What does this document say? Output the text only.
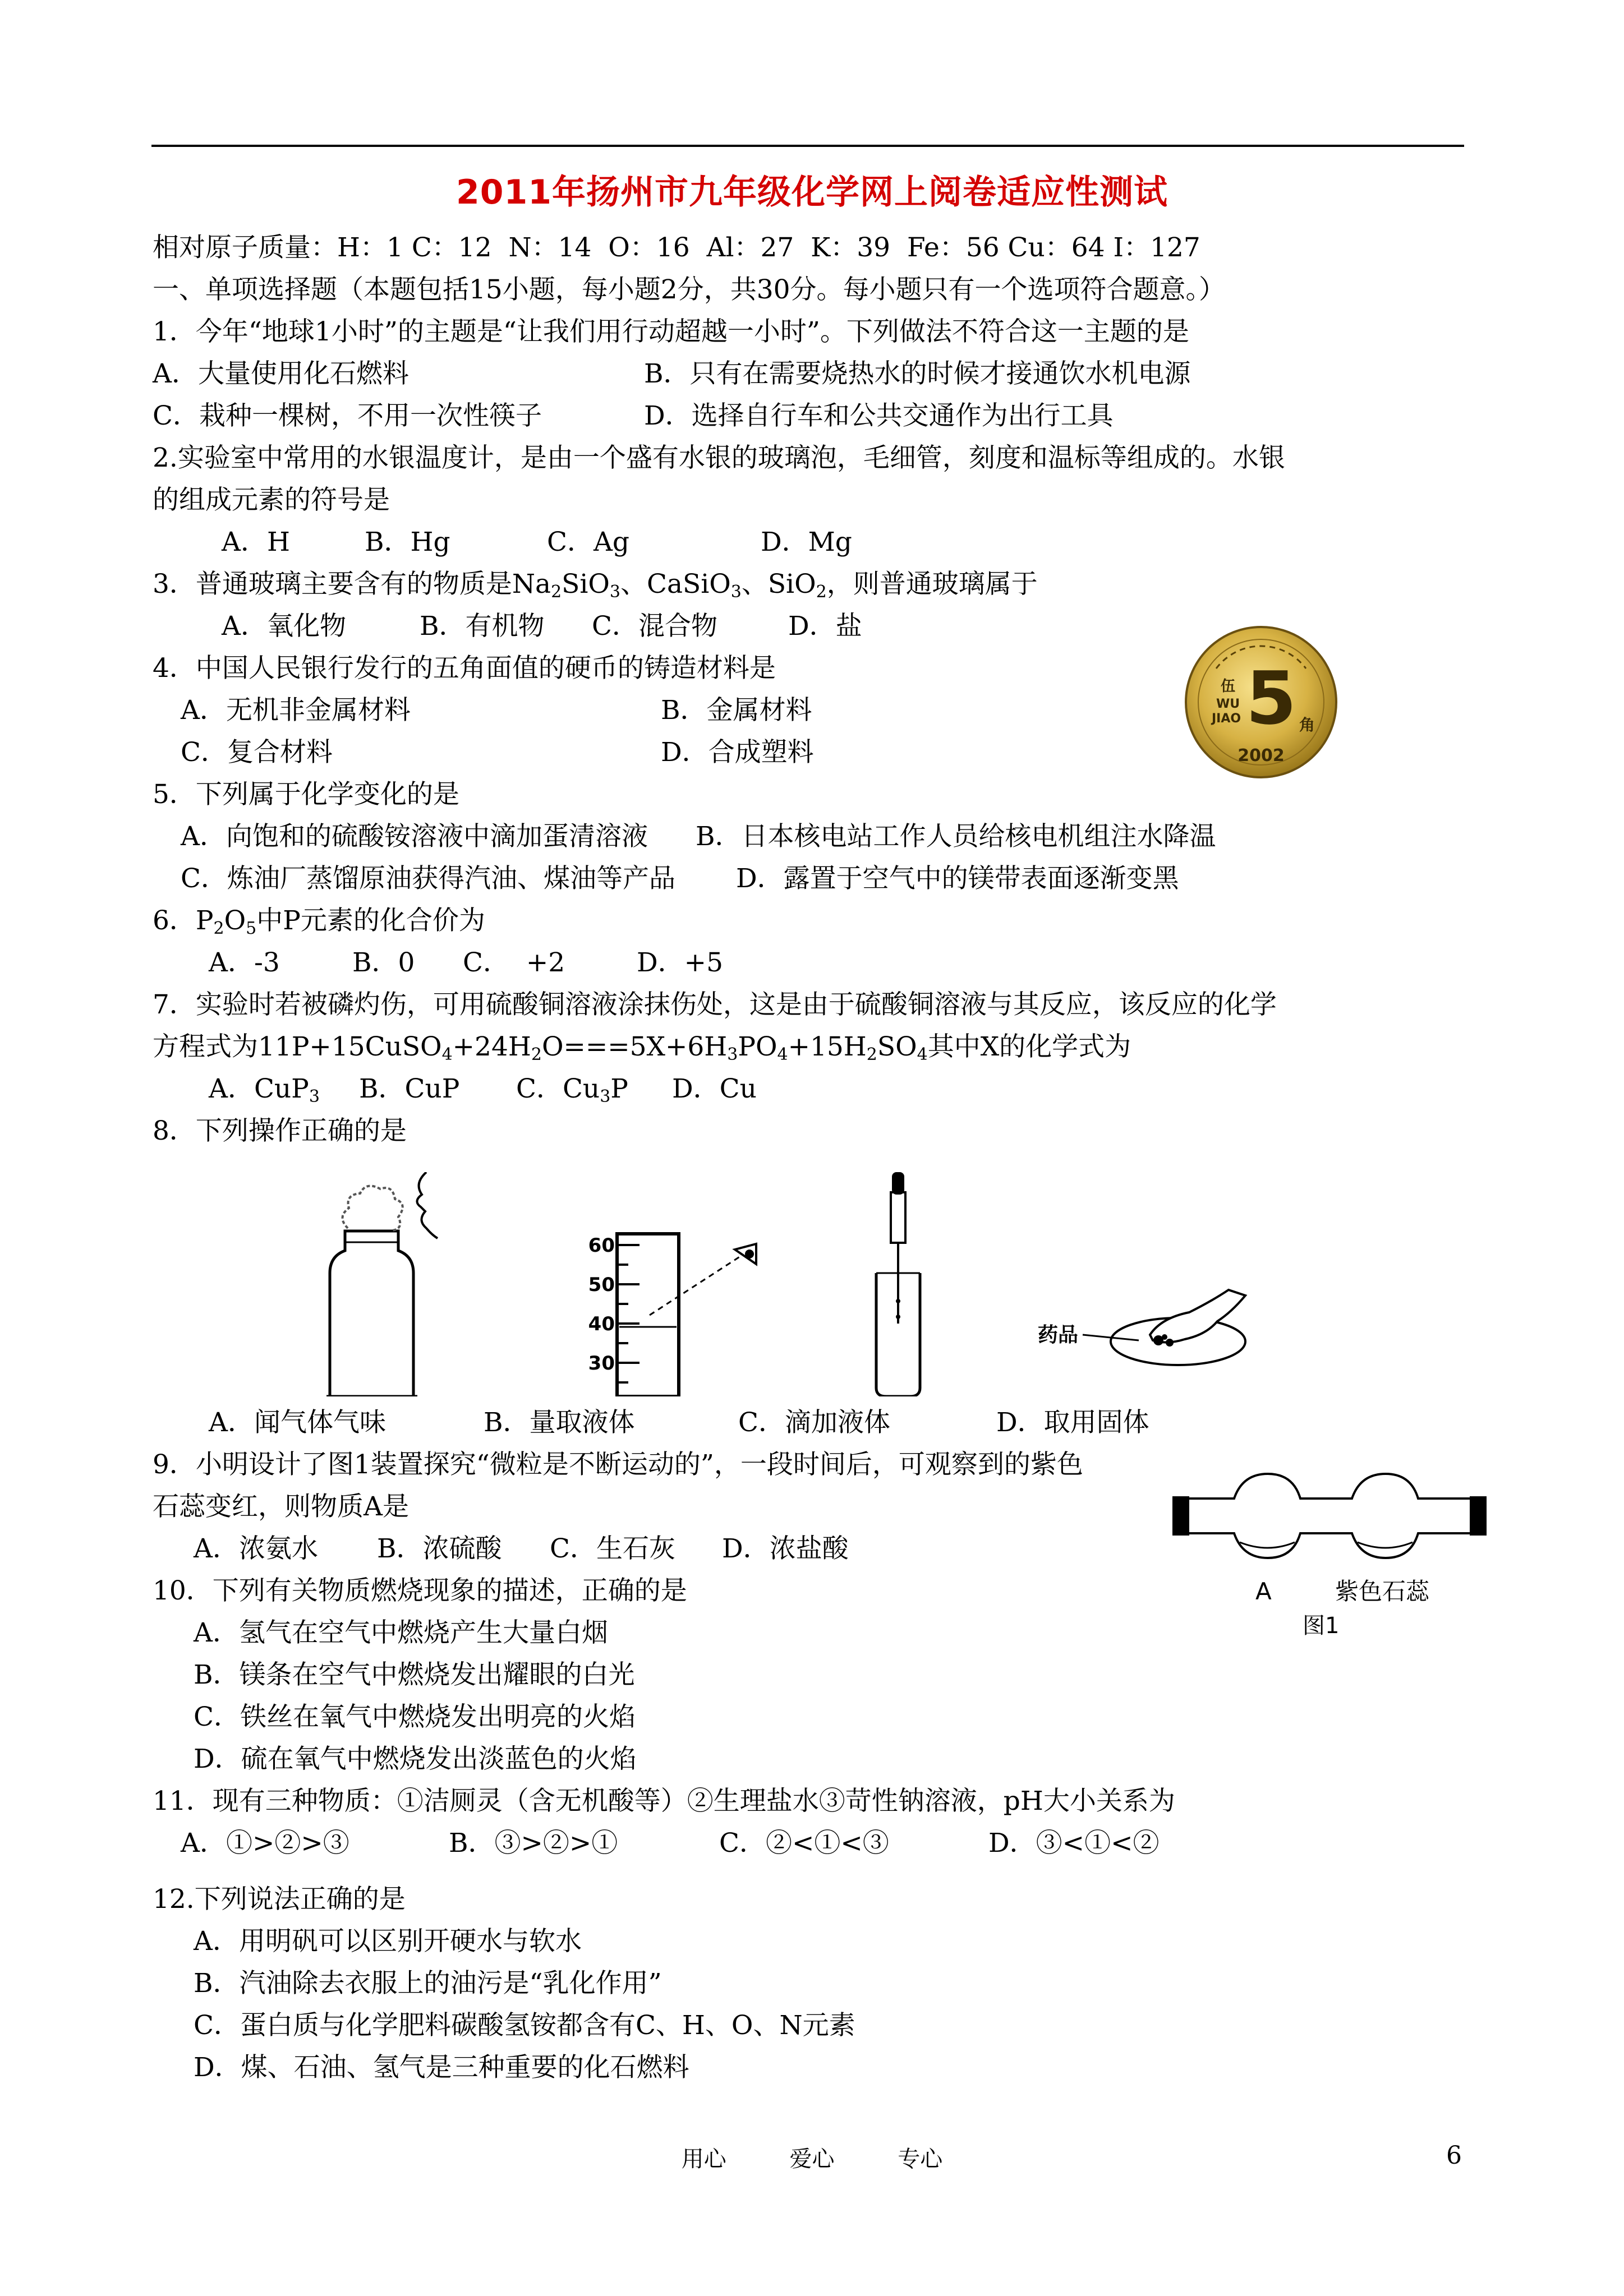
2011年扬州市九年级化学网上阅卷适应性测试
相对原子质量：H：1 C：12  N：14  O：16  Al：27  K：39  Fe：56 Cu：64 I：127
一、单项选择题（本题包括15小题，每小题2分，共30分。每小题只有一个选项符合题意。）
1．今年“地球1小时”的主题是“让我们用行动超越一小时”。下列做法不符合这一主题的是
A．大量使用化石燃料	B．只有在需要烧热水的时候才接通饮水机电源
C．栽种一棵树，不用一次性筷子	D．选择自行车和公共交通作为出行工具
2.实验室中常用的水银温度计，是由一个盛有水银的玻璃泡，毛细管，刻度和温标等组成的。水银
的组成元素的符号是
A．H	B．Hg	C．Ag	D．Mg
3．普通玻璃主要含有的物质是$Na_2SiO_3$、CaSiO$_3$、SiO$_2$，则普通玻璃属于
A．氧化物	B．有机物 C．混合物	D．盐
4．中国人民银行发行的五角面值的硬币的铸造材料是
A．无机非金属材料	B．金属材料
C．复合材料	D．合成塑料
5
伍
WU
JIAO	角
2002
5．下列属于化学变化的是
A．向饱和的硫酸铵溶液中滴加蛋清溶液 B．日本核电站工作人员给核电机组注水降温
C．炼油厂蒸馏原油获得汽油、煤油等产品 D．露置于空气中的镁带表面逐渐变黑
6．$P_2O_5$中P元素的化合价为
A．-3	B．0 C．  +2	D．+5
7．实验时若被磷灼伤，可用硫酸铜溶液涂抹伤处，这是由于硫酸铜溶液与其反应，该反应的化学
方程式为$11P+15CuSO_4+24H_2O===5X+6H_3PO_4+15H_2SO_4$其中X的化学式为
A．CuP$_3$ B．CuP C．$Cu_3P$ D．Cu
8．下列操作正确的是
60
50
40
30
药品
A．闻气体气味	B．量取液体	C．滴加液体	D．取用固体
9．小明设计了图1装置探究“微粒是不断运动的”，一段时间后，可观察到的紫色
石蕊变红，则物质A是
A．浓氨水 B．浓硫酸 C．生石灰 D．浓盐酸
A	紫色石蕊
图1
10．下列有关物质燃烧现象的描述，正确的是
A．氢气在空气中燃烧产生大量白烟
B．镁条在空气中燃烧发出耀眼的白光
C．铁丝在氧气中燃烧发出明亮的火焰
D．硫在氧气中燃烧发出淡蓝色的火焰
11．现有三种物质：①洁厕灵（含无机酸等）②生理盐水③苛性钠溶液，pH大小关系为
A．①>②>③	B．③>②>①	C．②<①<③	D．③<①<②
12.下列说法正确的是
A．用明矾可以区别开硬水与软水
B．汽油除去衣服上的油污是“乳化作用”
C．蛋白质与化学肥料碳酸氢铵都含有C、H、O、N元素
D．煤、石油、氢气是三种重要的化石燃料
用心	爱心	专心	6
